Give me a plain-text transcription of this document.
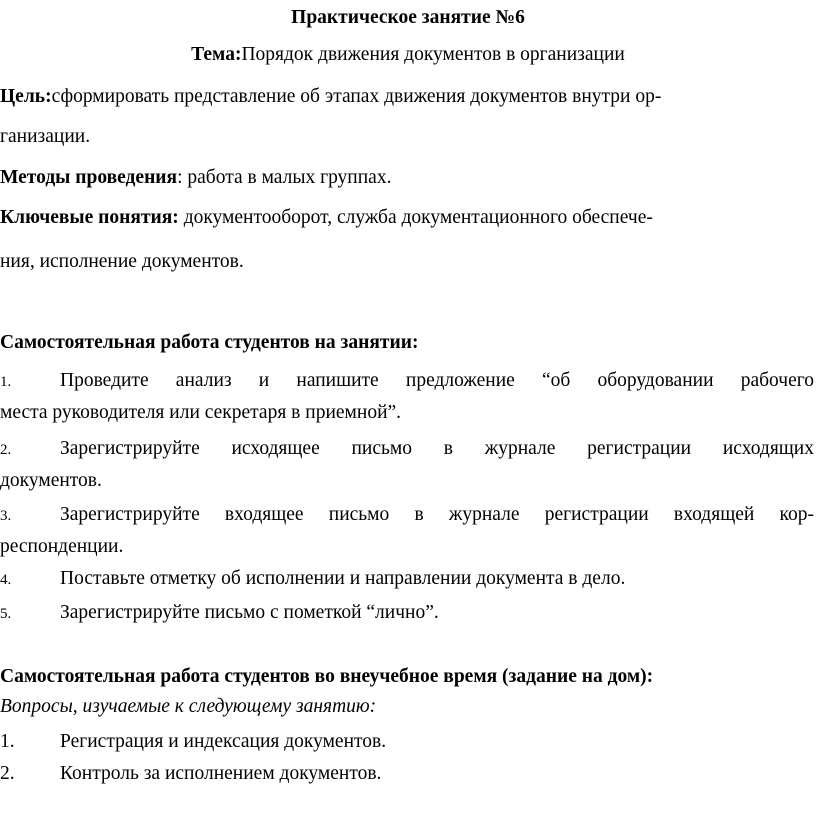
Практическое занятие №6
Тема:Порядок движения документов в организации
Цель:сформировать представление об этапах движения документов внутри ор-
ганизации.
Методы проведения: работа в малых группах.
Ключевые понятия: документооборот, служба документационного обеспече-
ния, исполнение документов.
Самостоятельная работа студентов на занятии:
1.	Проведите анализ и напишите предложение “об оборудовании рабочего
места руководителя или секретаря в приемной”.
2.	Зарегистрируйте исходящее письмо в журнале регистрации исходящих
документов.
3.	Зарегистрируйте входящее письмо в журнале регистрации входящей кор-
респонденции.
4.	Поставьте отметку об исполнении и направлении документа в дело.
5.	Зарегистрируйте письмо с пометкой “лично”.
Самостоятельная работа студентов во внеучебное время (задание на дом):
Вопросы, изучаемые к следующему занятию:
1. Регистрация и индексация документов.
2. Контроль за исполнением документов.
